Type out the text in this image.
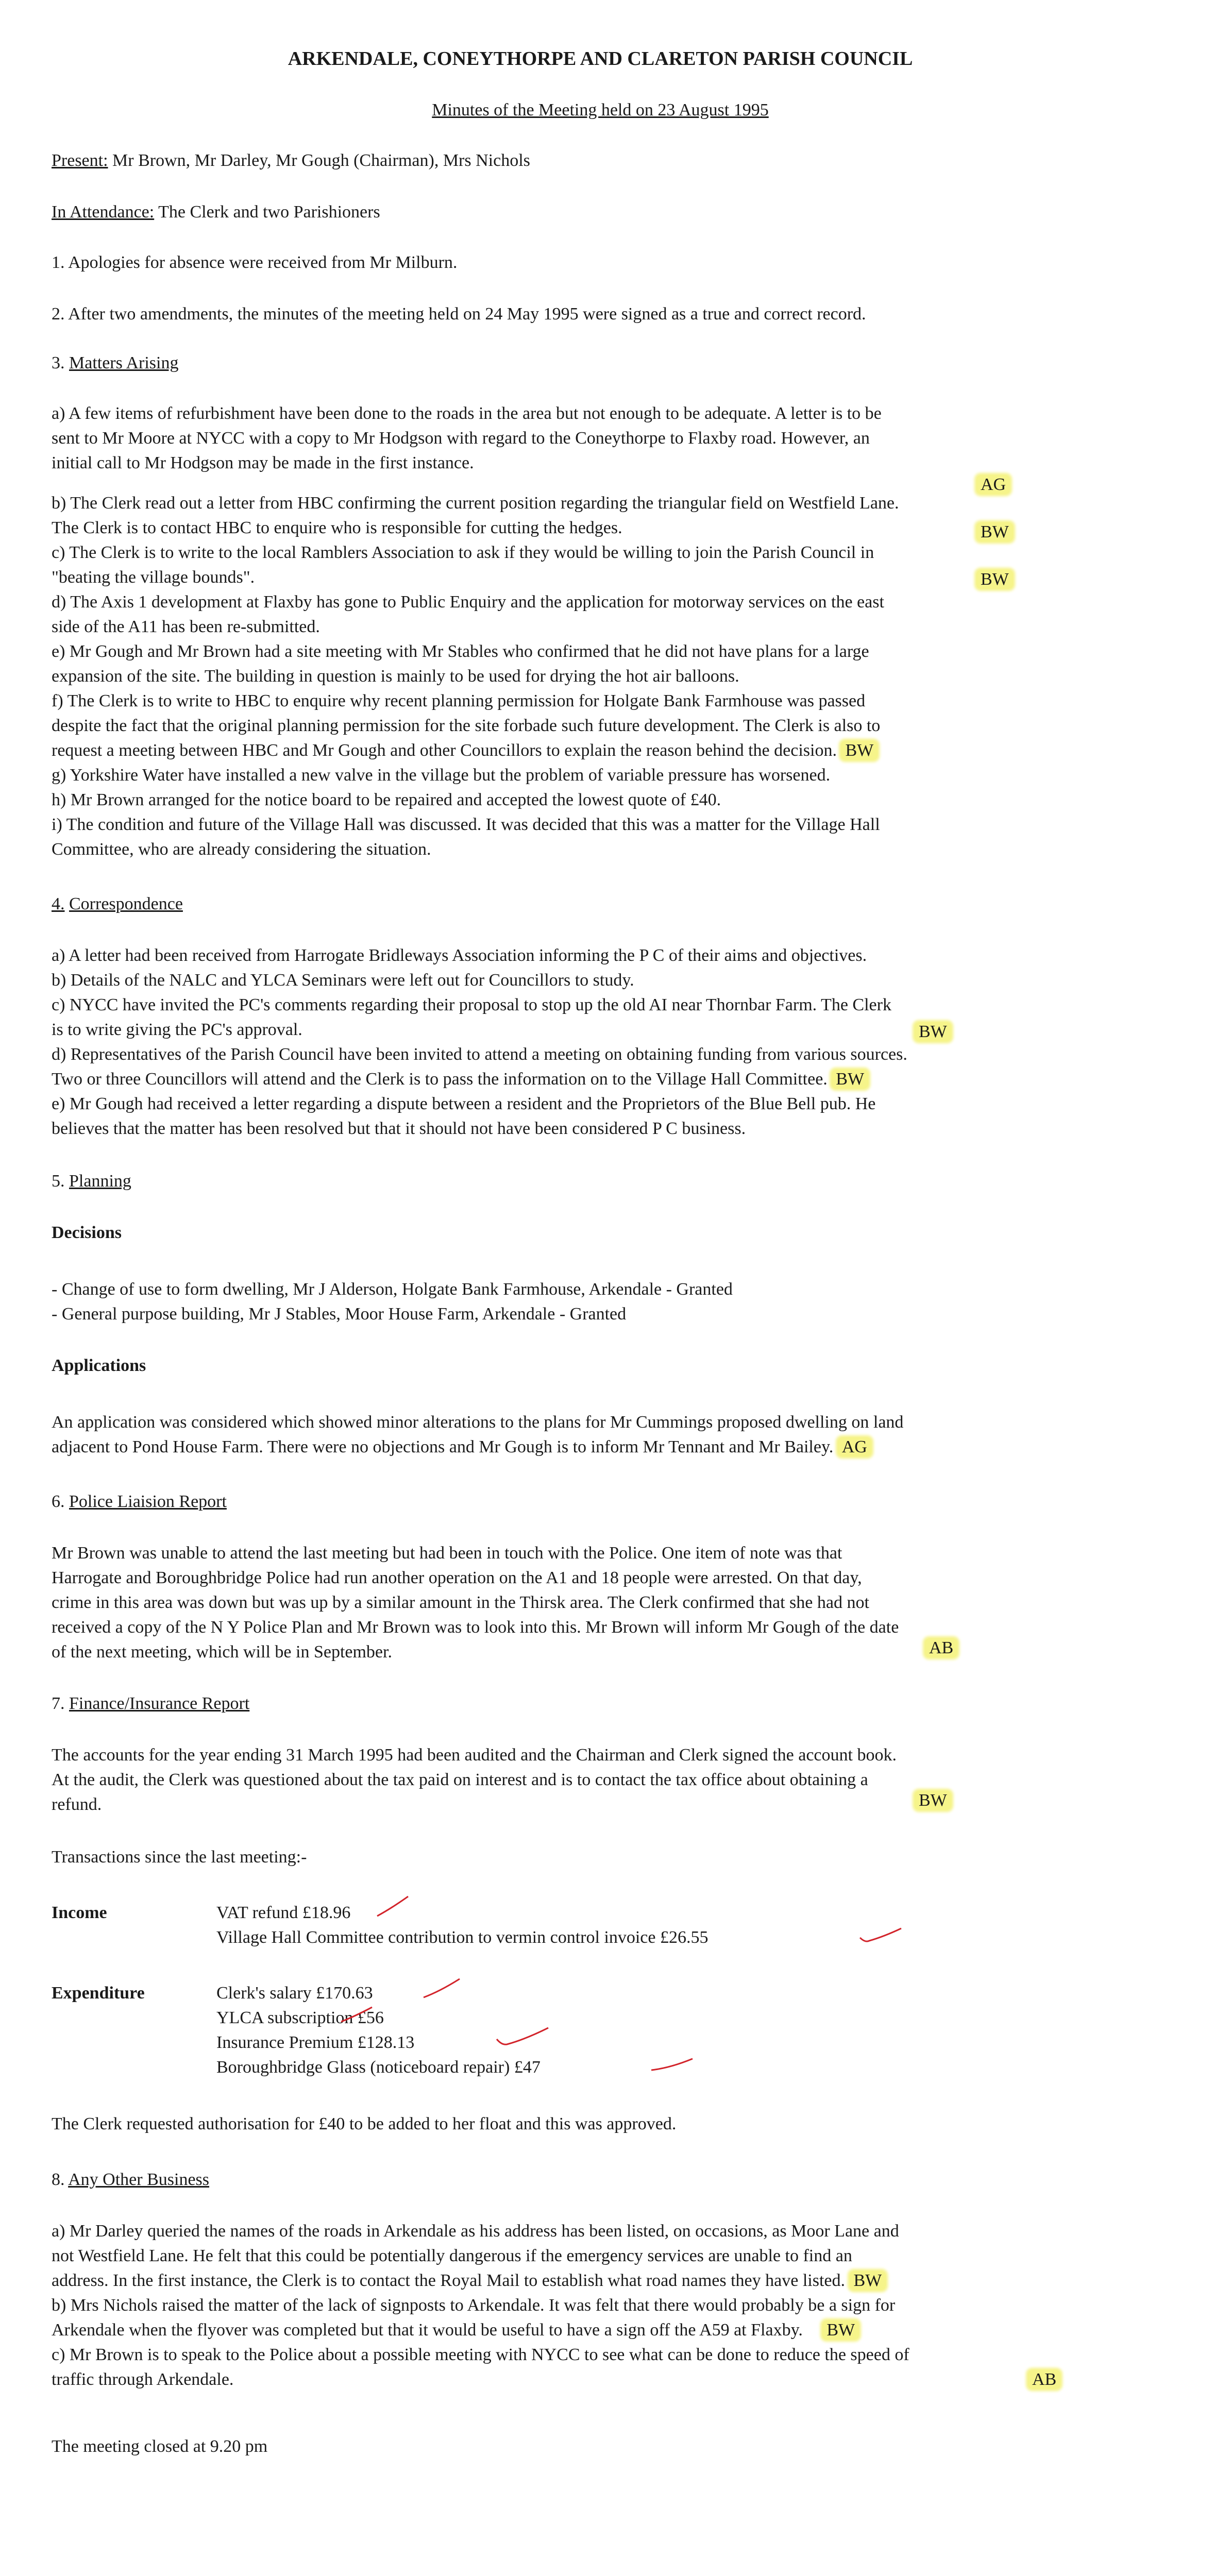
ARKENDALE, CONEYTHORPE AND CLARETON PARISH COUNCIL
Minutes of the Meeting held on 23 August 1995
Present: Mr Brown, Mr Darley, Mr Gough (Chairman), Mrs Nichols
In Attendance: The Clerk and two Parishioners
1. Apologies for absence were received from Mr Milburn.
2. After two amendments, the minutes of the meeting held on 24 May 1995 were signed as a true and correct record.
3. Matters Arising
a) A few items of refurbishment have been done to the roads in the area but not enough to be adequate. A letter is to be
sent to Mr Moore at NYCC with a copy to Mr Hodgson with regard to the Coneythorpe to Flaxby road. However, an
initial call to Mr Hodgson may be made in the first instance.
AG
b) The Clerk read out a letter from HBC confirming the current position regarding the triangular field on Westfield Lane.
The Clerk is to contact HBC to enquire who is responsible for cutting the hedges.	BW
c) The Clerk is to write to the local Ramblers Association to ask if they would be willing to join the Parish Council in
"beating the village bounds".	BW
d) The Axis 1 development at Flaxby has gone to Public Enquiry and the application for motorway services on the east
side of the A11 has been re-submitted.
e) Mr Gough and Mr Brown had a site meeting with Mr Stables who confirmed that he did not have plans for a large
expansion of the site. The building in question is mainly to be used for drying the hot air balloons.
f) The Clerk is to write to HBC to enquire why recent planning permission for Holgate Bank Farmhouse was passed
despite the fact that the original planning permission for the site forbade such future development. The Clerk is also to
request a meeting between HBC and Mr Gough and other Councillors to explain the reason behind the decision. BW
g) Yorkshire Water have installed a new valve in the village but the problem of variable pressure has worsened.
h) Mr Brown arranged for the notice board to be repaired and accepted the lowest quote of £40.
i) The condition and future of the Village Hall was discussed. It was decided that this was a matter for the Village Hall
Committee, who are already considering the situation.
4. Correspondence
a) A letter had been received from Harrogate Bridleways Association informing the P C of their aims and objectives.
b) Details of the NALC and YLCA Seminars were left out for Councillors to study.
c) NYCC have invited the PC's comments regarding their proposal to stop up the old AI near Thornbar Farm. The Clerk
is to write giving the PC's approval.	BW
d) Representatives of the Parish Council have been invited to attend a meeting on obtaining funding from various sources.
Two or three Councillors will attend and the Clerk is to pass the information on to the Village Hall Committee. BW
e) Mr Gough had received a letter regarding a dispute between a resident and the Proprietors of the Blue Bell pub. He
believes that the matter has been resolved but that it should not have been considered P C business.
5. Planning
Decisions
- Change of use to form dwelling, Mr J Alderson, Holgate Bank Farmhouse, Arkendale - Granted
- General purpose building, Mr J Stables, Moor House Farm, Arkendale - Granted
Applications
An application was considered which showed minor alterations to the plans for Mr Cummings proposed dwelling on land
adjacent to Pond House Farm. There were no objections and Mr Gough is to inform Mr Tennant and Mr Bailey. AG
6. Police Liaision Report
Mr Brown was unable to attend the last meeting but had been in touch with the Police. One item of note was that
Harrogate and Boroughbridge Police had run another operation on the A1 and 18 people were arrested. On that day,
crime in this area was down but was up by a similar amount in the Thirsk area. The Clerk confirmed that she had not
received a copy of the N Y Police Plan and Mr Brown was to look into this. Mr Brown will inform Mr Gough of the date
of the next meeting, which will be in September.	AB
7. Finance/Insurance Report
The accounts for the year ending 31 March 1995 had been audited and the Chairman and Clerk signed the account book.
At the audit, the Clerk was questioned about the tax paid on interest and is to contact the tax office about obtaining a
refund.	BW
Transactions since the last meeting:-
Income	VAT refund £18.96
Village Hall Committee contribution to vermin control invoice £26.55
Expenditure	Clerk's salary £170.63
YLCA subscription £56
Insurance Premium £128.13
Boroughbridge Glass (noticeboard repair) £47
The Clerk requested authorisation for £40 to be added to her float and this was approved.
8. Any Other Business
a) Mr Darley queried the names of the roads in Arkendale as his address has been listed, on occasions, as Moor Lane and
not Westfield Lane. He felt that this could be potentially dangerous if the emergency services are unable to find an
address. In the first instance, the Clerk is to contact the Royal Mail to establish what road names they have listed. BW
b) Mrs Nichols raised the matter of the lack of signposts to Arkendale. It was felt that there would probably be a sign for
Arkendale when the flyover was completed but that it would be useful to have a sign off the A59 at Flaxby. BW
c) Mr Brown is to speak to the Police about a possible meeting with NYCC to see what can be done to reduce the speed of
traffic through Arkendale.	AB
The meeting closed at 9.20 pm
